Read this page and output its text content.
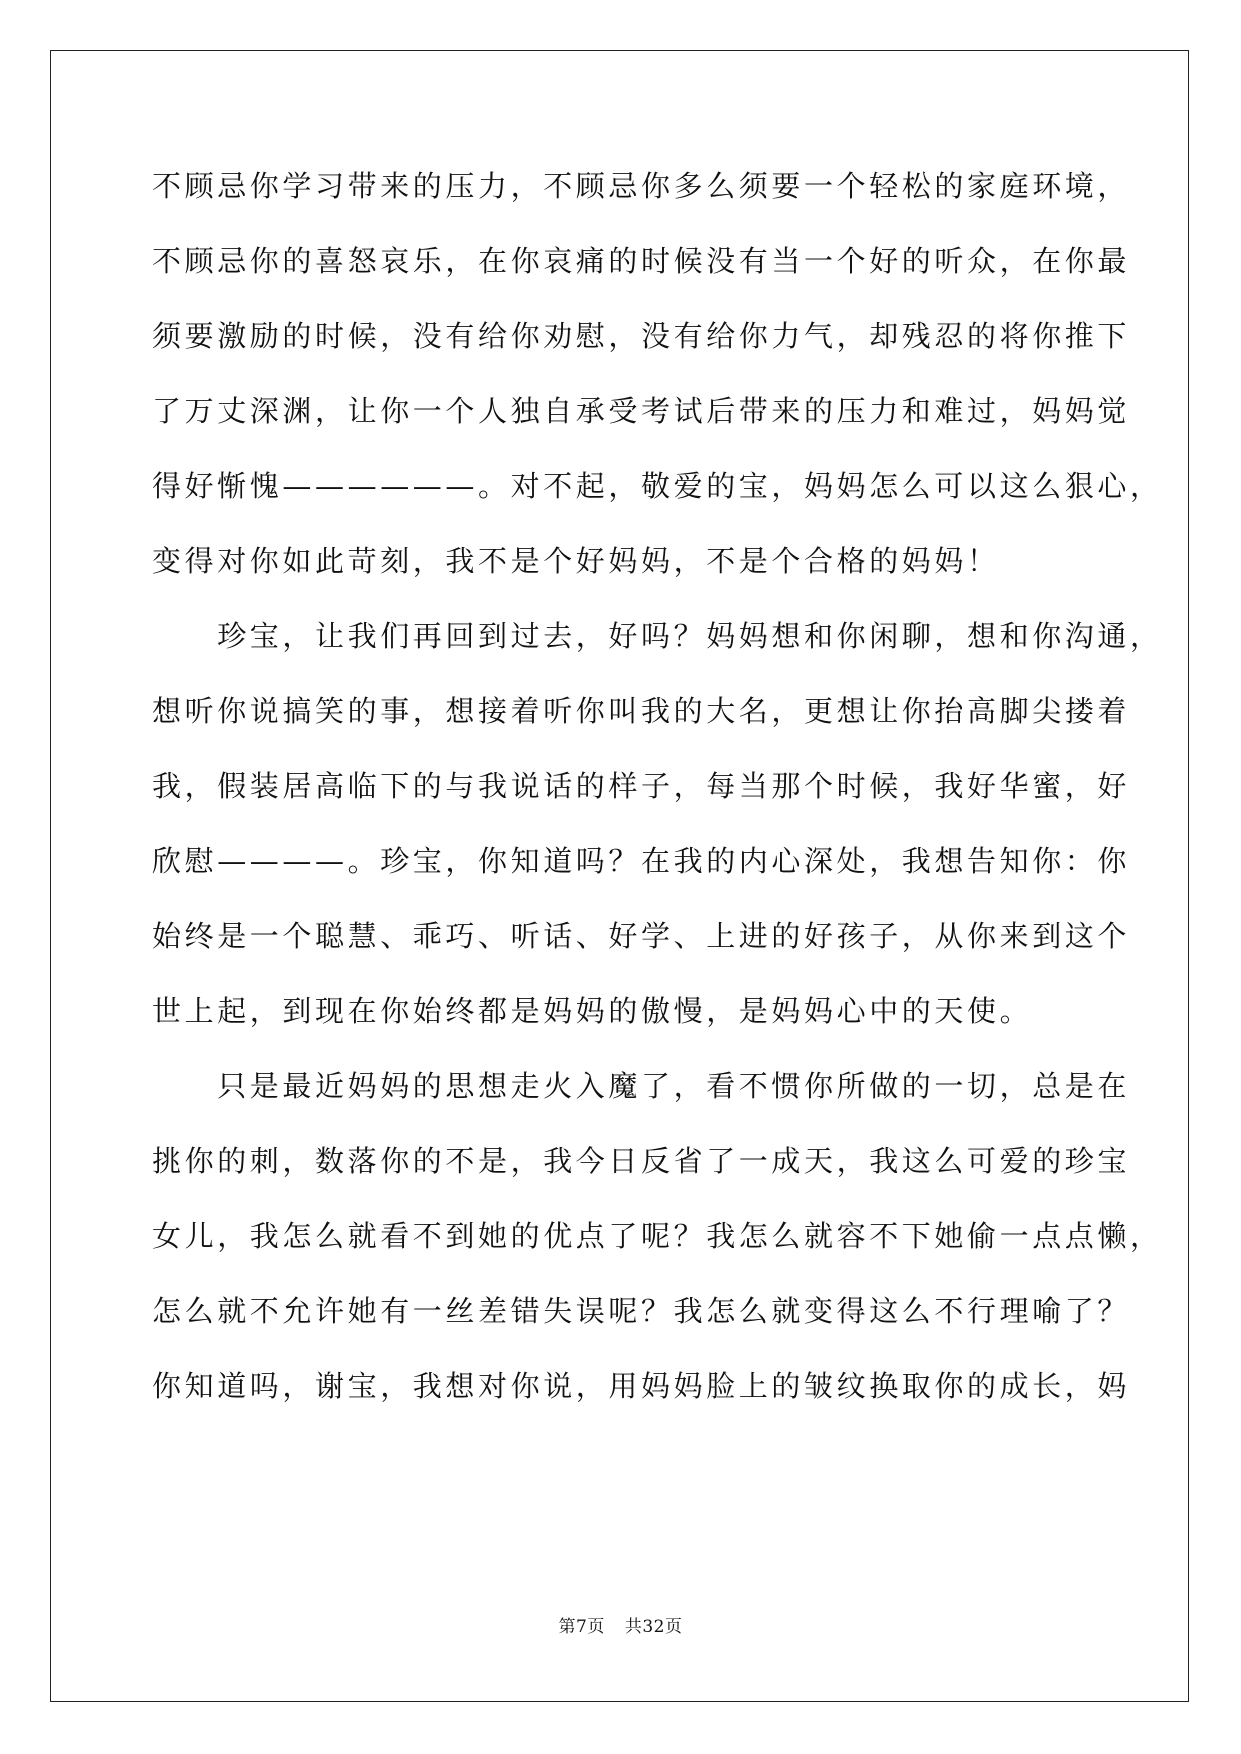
不顾忌你学习带来的压力，不顾忌你多么须要一个轻松的家庭环境，
不顾忌你的喜怒哀乐，在你哀痛的时候没有当一个好的听众，在你最
须要激励的时候，没有给你劝慰，没有给你力气，却残忍的将你推下
了万丈深渊，让你一个人独自承受考试后带来的压力和难过，妈妈觉
得好惭愧——————。对不起，敬爱的宝，妈妈怎么可以这么狠心，
变得对你如此苛刻，我不是个好妈妈，不是个合格的妈妈！
　　珍宝，让我们再回到过去，好吗？妈妈想和你闲聊，想和你沟通，
想听你说搞笑的事，想接着听你叫我的大名，更想让你抬高脚尖搂着
我，假装居高临下的与我说话的样子，每当那个时候，我好华蜜，好
欣慰————。珍宝，你知道吗？在我的内心深处，我想告知你：你
始终是一个聪慧、乖巧、听话、好学、上进的好孩子，从你来到这个
世上起，到现在你始终都是妈妈的傲慢，是妈妈心中的天使。
　　只是最近妈妈的思想走火入魔了，看不惯你所做的一切，总是在
挑你的刺，数落你的不是，我今日反省了一成天，我这么可爱的珍宝
女儿，我怎么就看不到她的优点了呢？我怎么就容不下她偷一点点懒，
怎么就不允许她有一丝差错失误呢？我怎么就变得这么不行理喻了？
你知道吗，谢宝，我想对你说，用妈妈脸上的皱纹换取你的成长，妈
第7页 共32页
